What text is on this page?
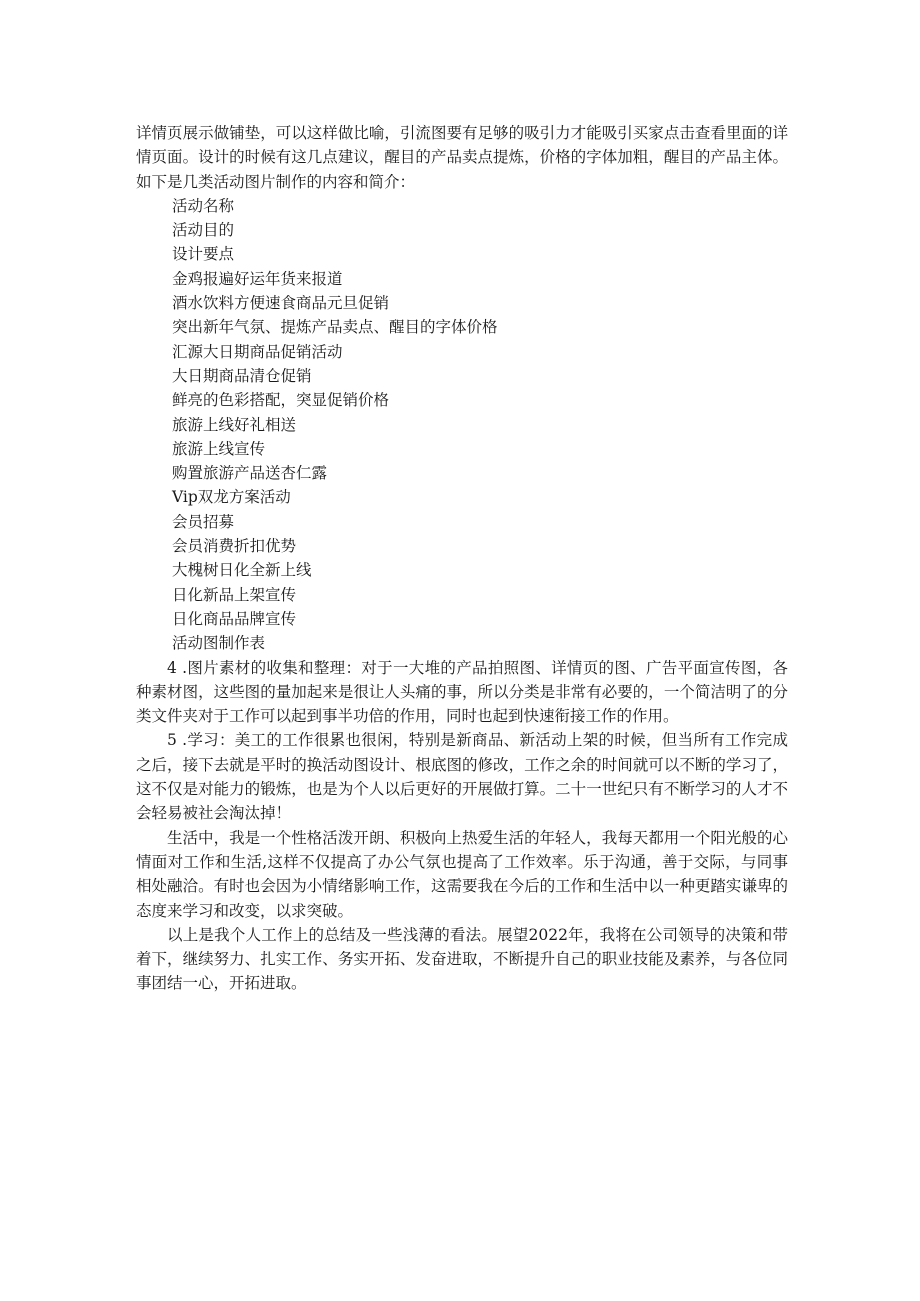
详情页展示做铺垫，可以这样做比喻，引流图要有足够的吸引力才能吸引买家点击查看里面的详情页面。设计的时候有这几点建议，醒目的产品卖点提炼，价格的字体加粗，醒目的产品主体。如下是几类活动图片制作的内容和简介：

活动名称
活动目的
设计要点
金鸡报遍好运年货来报道
酒水饮料方便速食商品元旦促销
突出新年气氛、提炼产品卖点、醒目的字体价格
汇源大日期商品促销活动
大日期商品清仓促销
鲜亮的色彩搭配，突显促销价格
旅游上线好礼相送
旅游上线宣传
购置旅游产品送杏仁露
Vip双龙方案活动
会员招募
会员消费折扣优势
大槐树日化全新上线
日化新品上架宣传
日化商品品牌宣传
活动图制作表

4 .图片素材的收集和整理：对于一大堆的产品拍照图、详情页的图、广告平面宣传图，各种素材图，这些图的量加起来是很让人头痛的事，所以分类是非常有必要的，一个简洁明了的分类文件夹对于工作可以起到事半功倍的作用，同时也起到快速衔接工作的作用。

5 .学习：美工的工作很累也很闲，特别是新商品、新活动上架的时候，但当所有工作完成之后，接下去就是平时的换活动图设计、根底图的修改，工作之余的时间就可以不断的学习了，这不仅是对能力的锻炼，也是为个人以后更好的开展做打算。二十一世纪只有不断学习的人才不会轻易被社会淘汰掉！

生活中，我是一个性格活泼开朗、积极向上热爱生活的年轻人，我每天都用一个阳光般的心情面对工作和生活,这样不仅提高了办公气氛也提高了工作效率。乐于沟通，善于交际，与同事相处融洽。有时也会因为小情绪影响工作，这需要我在今后的工作和生活中以一种更踏实谦卑的态度来学习和改变，以求突破。

以上是我个人工作上的总结及一些浅薄的看法。展望2022年，我将在公司领导的决策和带着下，继续努力、扎实工作、务实开拓、发奋进取，不断提升自己的职业技能及素养，与各位同事团结一心，开拓进取。
